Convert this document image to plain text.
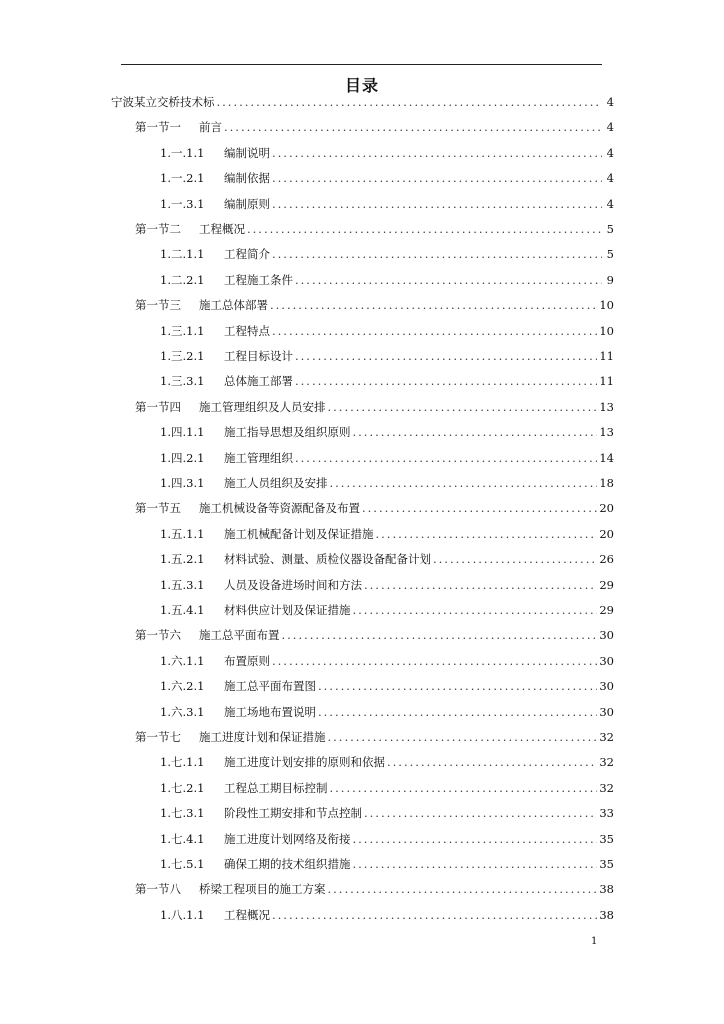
目录
宁波某立交桥技术标 .....	4
第一节一	前言 .....	4
1.一.1.1	编制说明 .....	4
1.一.2.1	编制依据 .....	4
1.一.3.1	编制原则 .....	4
第一节二	工程概况 .....	5
1.二.1.1	工程简介 .....	5
1.二.2.1	工程施工条件 .....	9
第一节三	施工总体部署 .....	10
1.三.1.1	工程特点 .....	10
1.三.2.1	工程目标设计 .....	11
1.三.3.1	总体施工部署 .....	11
第一节四	施工管理组织及人员安排 .....	13
1.四.1.1	施工指导思想及组织原则 .....	13
1.四.2.1	施工管理组织 .....	14
1.四.3.1	施工人员组织及安排 .....	18
第一节五	施工机械设备等资源配备及布置 .....	20
1.五.1.1	施工机械配备计划及保证措施 .....	20
1.五.2.1	材料试验、测量、质检仪器设备配备计划 .....	26
1.五.3.1	人员及设备进场时间和方法 .....	29
1.五.4.1	材料供应计划及保证措施 .....	29
第一节六	施工总平面布置 .....	30
1.六.1.1	布置原则 .....	30
1.六.2.1	施工总平面布置图 .....	30
1.六.3.1	施工场地布置说明 .....	30
第一节七	施工进度计划和保证措施 .....	32
1.七.1.1	施工进度计划安排的原则和依据 .....	32
1.七.2.1	工程总工期目标控制 .....	32
1.七.3.1	阶段性工期安排和节点控制 .....	33
1.七.4.1	施工进度计划网络及衔接 .....	35
1.七.5.1	确保工期的技术组织措施 .....	35
第一节八	桥梁工程项目的施工方案 .....	38
1.八.1.1	工程概况 .....	38
1
